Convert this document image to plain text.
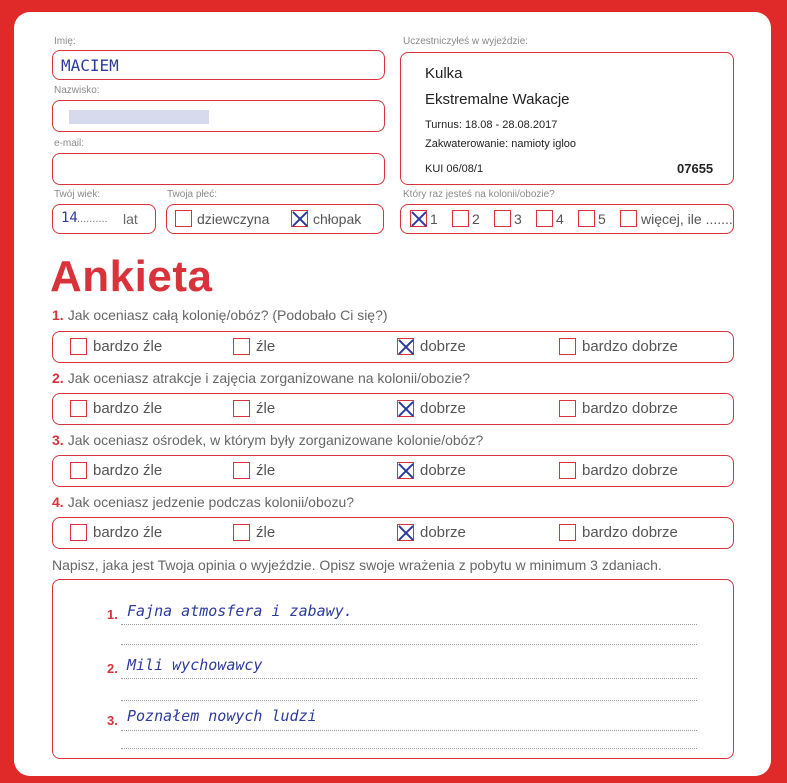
Imię:
MACIEM
Nazwisko:
e-mail:
Twój wiek:
14 .......... lat
Twoja płeć:
dziewczyna	chłopak
Uczestniczyłeś w wyjeździe:
Kulka
Ekstremalne Wakacje
Turnus: 18.08 - 28.08.2017
Zakwaterowanie: namioty igloo
KUI 06/08/1	07655
Który raz jesteś na kolonii/obozie?
1 2 3 4 5	więcej, ile .......
Ankieta
1. Jak oceniasz całą kolonię/obóz? (Podobało Ci się?)
bardzo źle	źle	dobrze	bardzo dobrze
2. Jak oceniasz atrakcje i zajęcia zorganizowane na kolonii/obozie?
bardzo źle	źle	dobrze	bardzo dobrze
3. Jak oceniasz ośrodek, w którym były zorganizowane kolonie/obóz?
bardzo źle	źle	dobrze	bardzo dobrze
4. Jak oceniasz jedzenie podczas kolonii/obozu?
bardzo źle	źle	dobrze	bardzo dobrze
Napisz, jaka jest Twoja opinia o wyjeździe. Opisz swoje wrażenia z pobytu w minimum 3 zdaniach.
1. Fajna atmosfera i zabawy.
2. Mili wychowawcy
3. Poznałem nowych ludzi
